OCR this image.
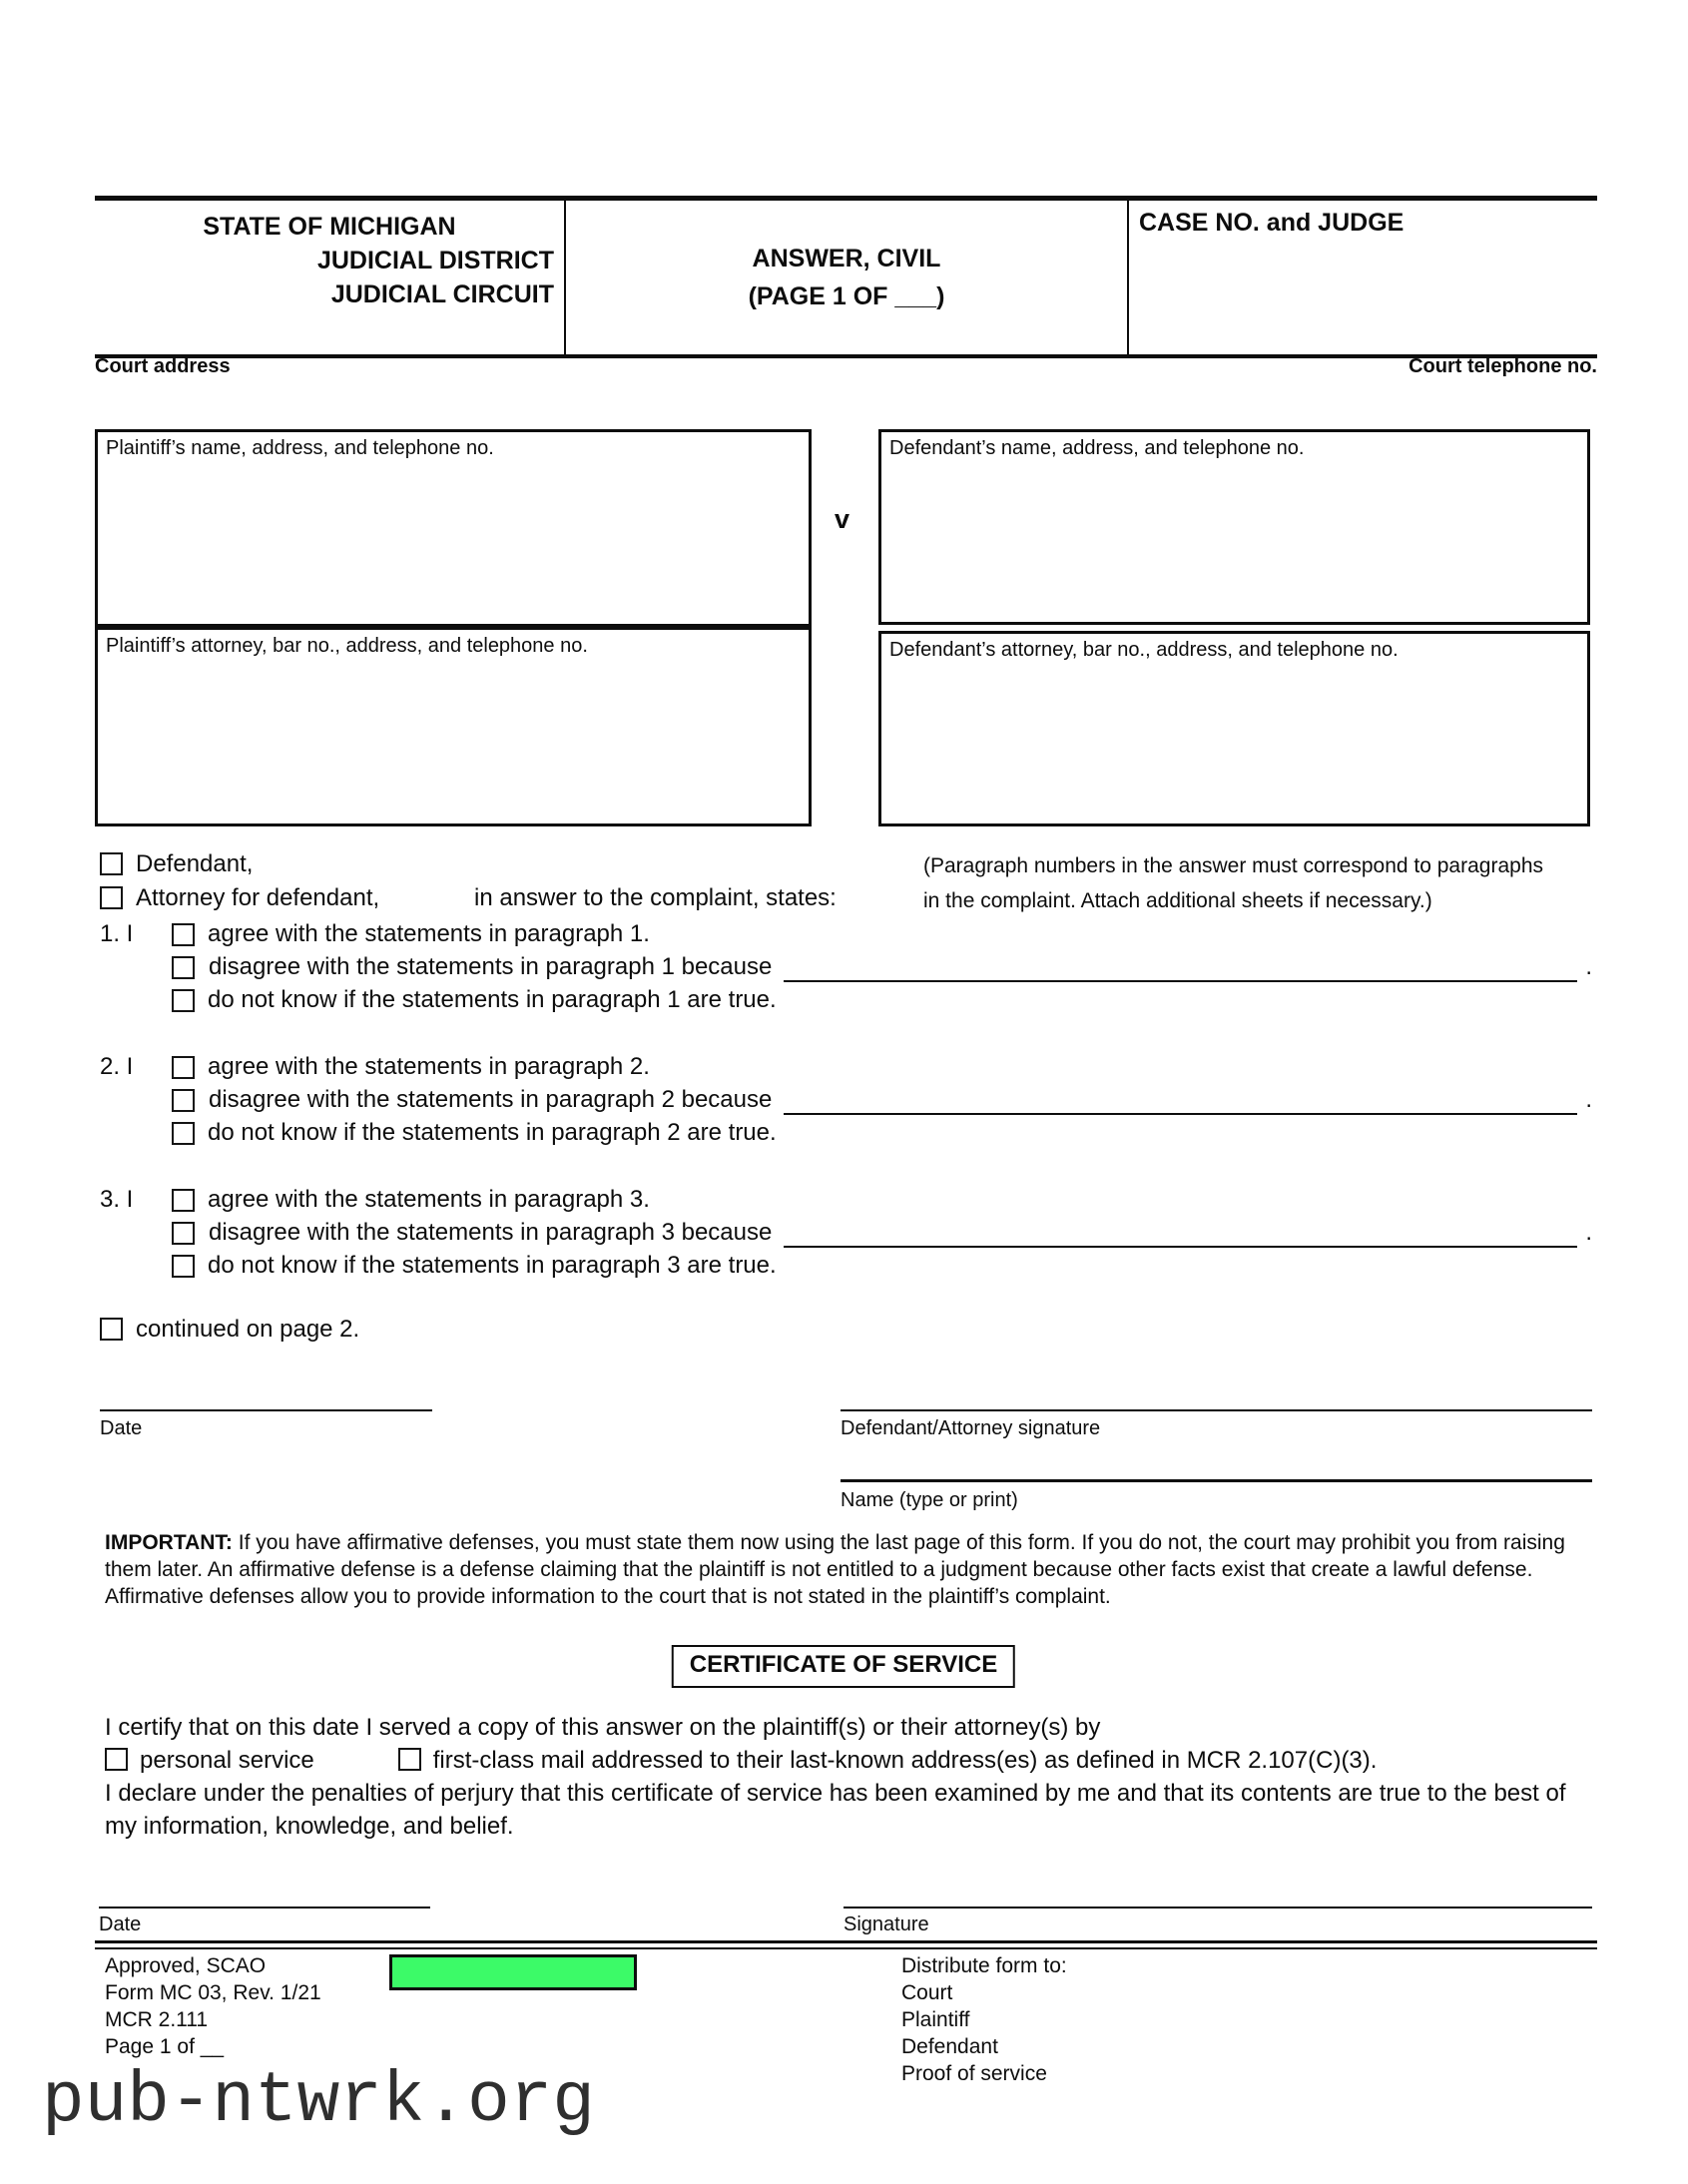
STATE OF MICHIGAN
JUDICIAL DISTRICT
JUDICIAL CIRCUIT
ANSWER, CIVIL
(PAGE 1 OF ___)
CASE NO. and JUDGE
Court address	Court telephone no.
Plaintiff’s name, address, and telephone no.
Plaintiff’s attorney, bar no., address, and telephone no.
v
Defendant’s name, address, and telephone no.
Defendant’s attorney, bar no., address, and telephone no.
Defendant,	(Paragraph numbers in the answer must correspond to paragraphs
Attorney for defendant,	in answer to the complaint, states:	in the complaint. Attach additional sheets if necessary.)
1. I	agree with the statements in paragraph 1.
disagree with the statements in paragraph 1 because	.
do not know if the statements in paragraph 1 are true.
2. I	agree with the statements in paragraph 2.
disagree with the statements in paragraph 2 because	.
do not know if the statements in paragraph 2 are true.
3. I	agree with the statements in paragraph 3.
disagree with the statements in paragraph 3 because	.
do not know if the statements in paragraph 3 are true.
continued on page 2.
Date	Defendant/Attorney signature
Name (type or print)
IMPORTANT: If you have affirmative defenses, you must state them now using the last page of this form. If you do not, the court may prohibit you from raising them later. An affirmative defense is a defense claiming that the plaintiff is not entitled to a judgment because other facts exist that create a lawful defense. Affirmative defenses allow you to provide information to the court that is not stated in the plaintiff’s complaint.
CERTIFICATE OF SERVICE
I certify that on this date I served a copy of this answer on the plaintiff(s) or their attorney(s) by
personal service	first-class mail addressed to their last-known address(es) as defined in MCR 2.107(C)(3).
I declare under the penalties of perjury that this certificate of service has been examined by me and that its contents are true to the best of my information, knowledge, and belief.
Date	Signature
Approved, SCAO
Form MC 03, Rev. 1/21
MCR 2.111
Page 1 of __
Distribute form to:
Court
Plaintiff
Defendant
Proof of service
pub-ntwrk.org
